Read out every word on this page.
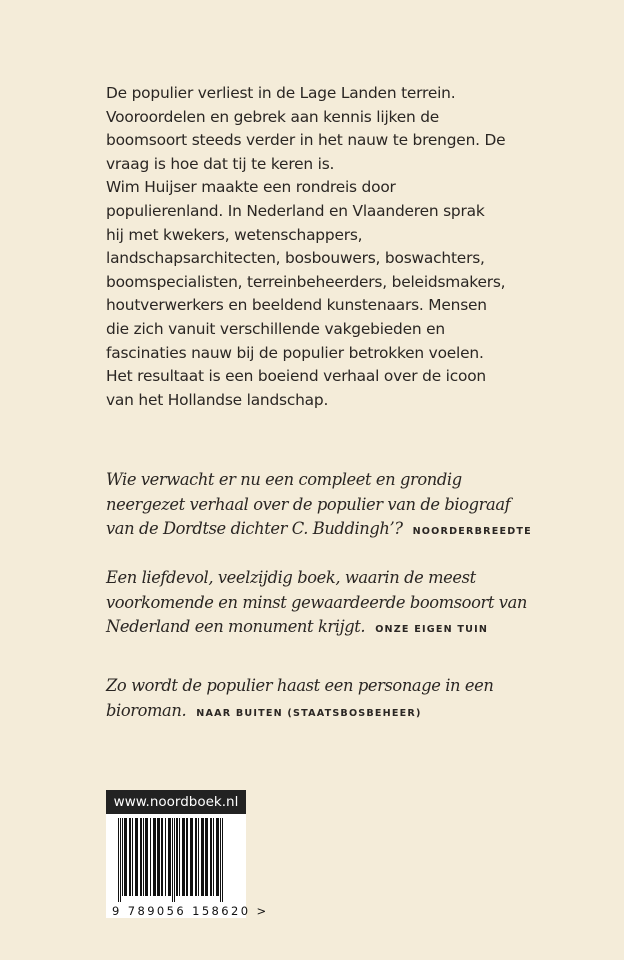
De populier verliest in de Lage Landen terrein. Vooroordelen en gebrek aan kennis lijken de boomsoort steeds verder in het nauw te brengen. De vraag is hoe dat tij te keren is.

Wim Huijser maakte een rondreis door populierenland. In Nederland en Vlaanderen sprak hij met kwekers, wetenschappers, landschapsarchitecten, bosbouwers, boswachters, boomspecialisten, terreinbeheerders, beleidsmakers, houtverwerkers en beeldend kunstenaars. Mensen die zich vanuit verschillende vakgebieden en fascinaties nauw bij de populier betrokken voelen. Het resultaat is een boeiend verhaal over de icoon van het Hollandse landschap.

Wie verwacht er nu een compleet en grondig neergezet verhaal over de populier van de biograaf van de Dordtse dichter C. Buddingh’? NOORDERBREEDTE
Een liefdevol, veelzijdig boek, waarin de meest voorkomende en minst gewaardeerde boomsoort van Nederland een monument krijgt. ONZE EIGEN TUIN
Zo wordt de populier haast een personage in een bioroman. NAAR BUITEN (STAATSBOSBEHEER)
www.noordboek.nl
9 789056 158620 >
